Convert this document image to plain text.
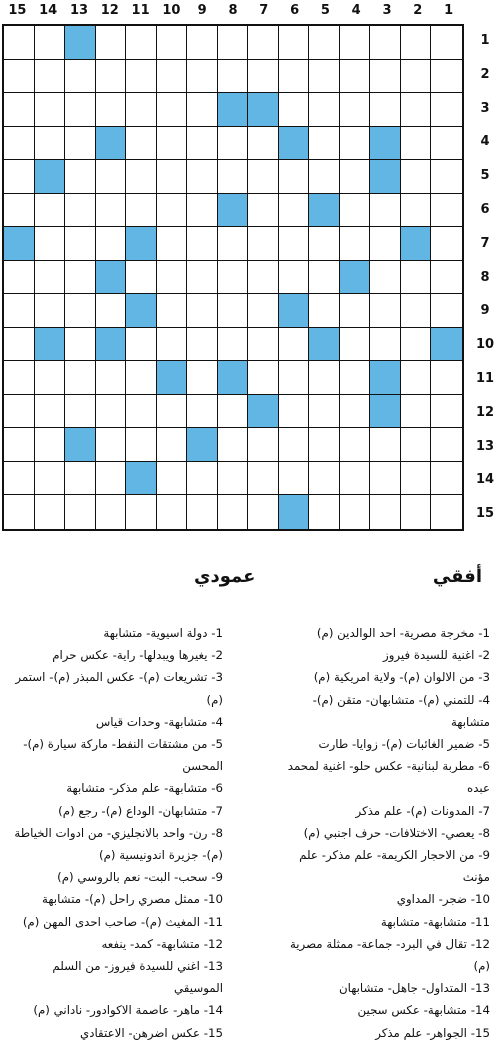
15 14 13 12 11 10	9	8	7	6	5	4	3	2	1
1
2
3
4
5
6
7
8
9
10
11
12
13
14
15
أفقي
عمودي
1- مخرجة مصرية- احد الوالدين (م)
2- اغنية للسيدة فيروز
3- من الالوان (م)- ولاية امريكية (م)
4- للتمني (م)- متشابهان- متقن (م)- متشابهة
5- ضمير الغائبات (م)- زوايا- طارت
6- مطربة لبنانية- عكس حلو- اغنية لمحمد
عبده
7- المدونات (م)- علم مذكر
8- يعصي- الاختلافات- حرف اجنبي (م)
9- من الاحجار الكريمة- علم مذكر- علم مؤنث
10- ضجر- المداوي
11- متشابهة- متشابهة
12- تقال في البرد- جماعة- ممثلة مصرية (م)
13- المتداول- جاهل- متشابهان
14- متشابهة- عكس سجين
15- الجواهر- علم مذكر
1- دولة اسيوية- متشابهة
2- يغيرها ويبدلها- راية- عكس حرام
3- تشريعات (م)- عكس المبذر (م)- استمر (م)
4- متشابهة- وحدات قياس
5- من مشتقات النفط- ماركة سيارة (م)- المحسن
6- متشابهة- علم مذكر- متشابهة
7- متشابهان- الوداع (م)- رجع (م)
8- رن- واحد بالانجليزي- من ادوات الخياطة
(م)- جزيرة اندونيسية (م)
9- سحب- البت- نعم بالروسي (م)
10- ممثل مصري راحل (م)- متشابهة
11- المغيث (م)- صاحب احدى المهن (م)
12- متشابهة- كمد- ينفعه
13- اغني للسيدة فيروز- من السلم الموسيقي
14- ماهر- عاصمة الاكوادور- ناداني (م)
15- عكس اضرهن- الاعتقادي
